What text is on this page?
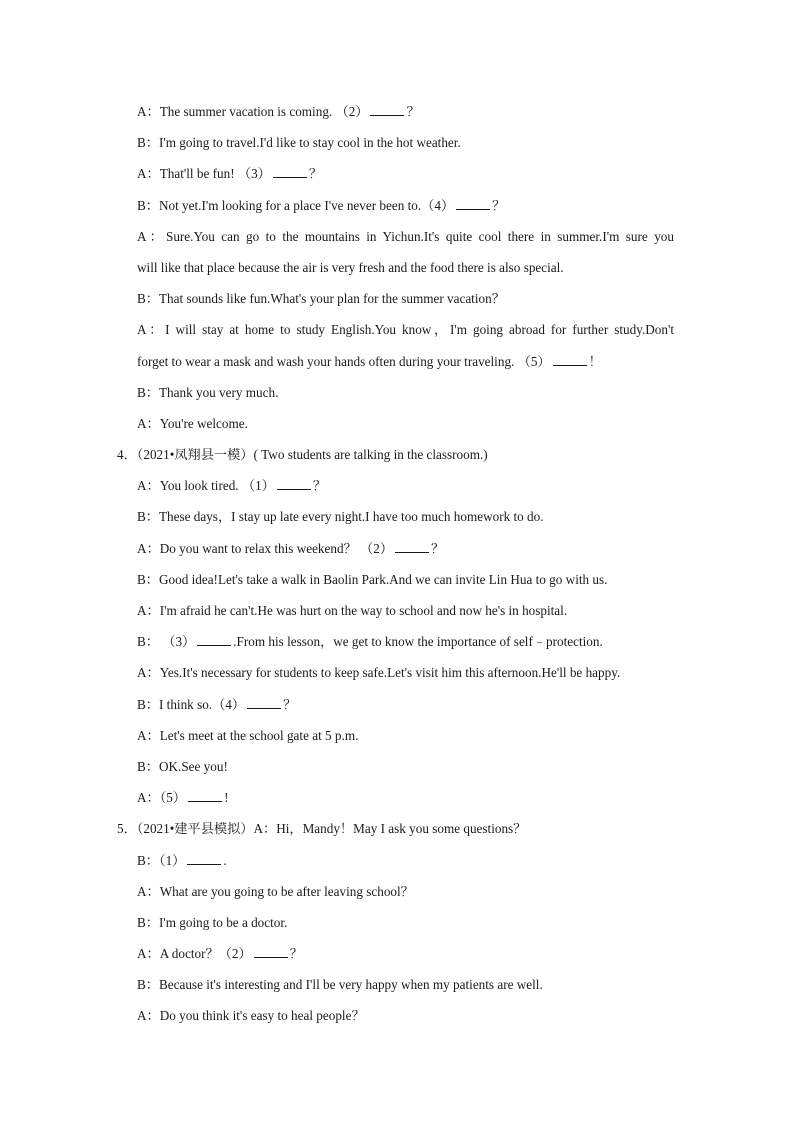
A：The summer vacation is coming. （2）	？
B：I'm going to travel.I'd like to stay cool in the hot weather.
A：That'll be fun! （3）	？
B：Not yet.I'm looking for a place I've never been to.（4）	？
A：Sure.You can go to the mountains in Yichun.It's quite cool there in summer.I'm sure you
will like that place because the air is very fresh and the food there is also special.
B：That sounds like fun.What's your plan for the summer vacation？
A：I will stay at home to study English.You know，I'm going abroad for further study.Don't
forget to wear a mask and wash your hands often during your traveling. （5）	！
B：Thank you very much.
A：You're welcome.
4．（2021•凤翔县一模）( Two students are talking in the classroom.)
A：You look tired. （1）	？
B：These days，I stay up late every night.I have too much homework to do.
A：Do you want to relax this weekend？ （2）	？
B：Good idea!Let's take a walk in Baolin Park.And we can invite Lin Hua to go with us.
A：I'm afraid he can't.He was hurt on the way to school and now he's in hospital.
B： （3）	.From his lesson，we get to know the importance of self﹣protection.
A：Yes.It's necessary for students to keep safe.Let's visit him this afternoon.He'll be happy.
B：I think so.（4）	？
A：Let's meet at the school gate at 5 p.m.
B：OK.See you!
A：（5）	!
5．（2021•建平县模拟）A：Hi，Mandy！May I ask you some questions？
B：（1）	.
A：What are you going to be after leaving school？
B：I'm going to be a doctor.
A：A doctor？（2）	？
B：Because it's interesting and I'll be very happy when my patients are well.
A：Do you think it's easy to heal people？
